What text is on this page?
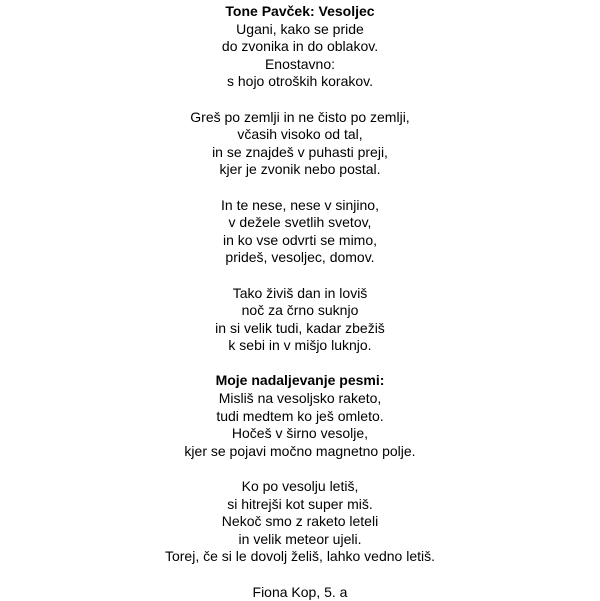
Tone Pavček: Vesoljec
Ugani, kako se pride
do zvonika in do oblakov.
Enostavno:
s hojo otroških korakov.
Greš po zemlji in ne čisto po zemlji,
včasih visoko od tal,
in se znajdeš v puhasti preji,
kjer je zvonik nebo postal.
In te nese, nese v sinjino,
v dežele svetlih svetov,
in ko vse odvrti se mimo,
prideš, vesoljec, domov.
Tako živiš dan in loviš
noč za črno suknjo
in si velik tudi, kadar zbežiš
k sebi in v mišjo luknjo.
Moje nadaljevanje pesmi:
Misliš na vesoljsko raketo,
tudi medtem ko ješ omleto.
Hočeš v širno vesolje,
kjer se pojavi močno magnetno polje.
Ko po vesolju letiš,
si hitrejši kot super miš.
Nekoč smo z raketo leteli
in velik meteor ujeli.
Torej, če si le dovolj želiš, lahko vedno letiš.
Fiona Kop, 5. a
